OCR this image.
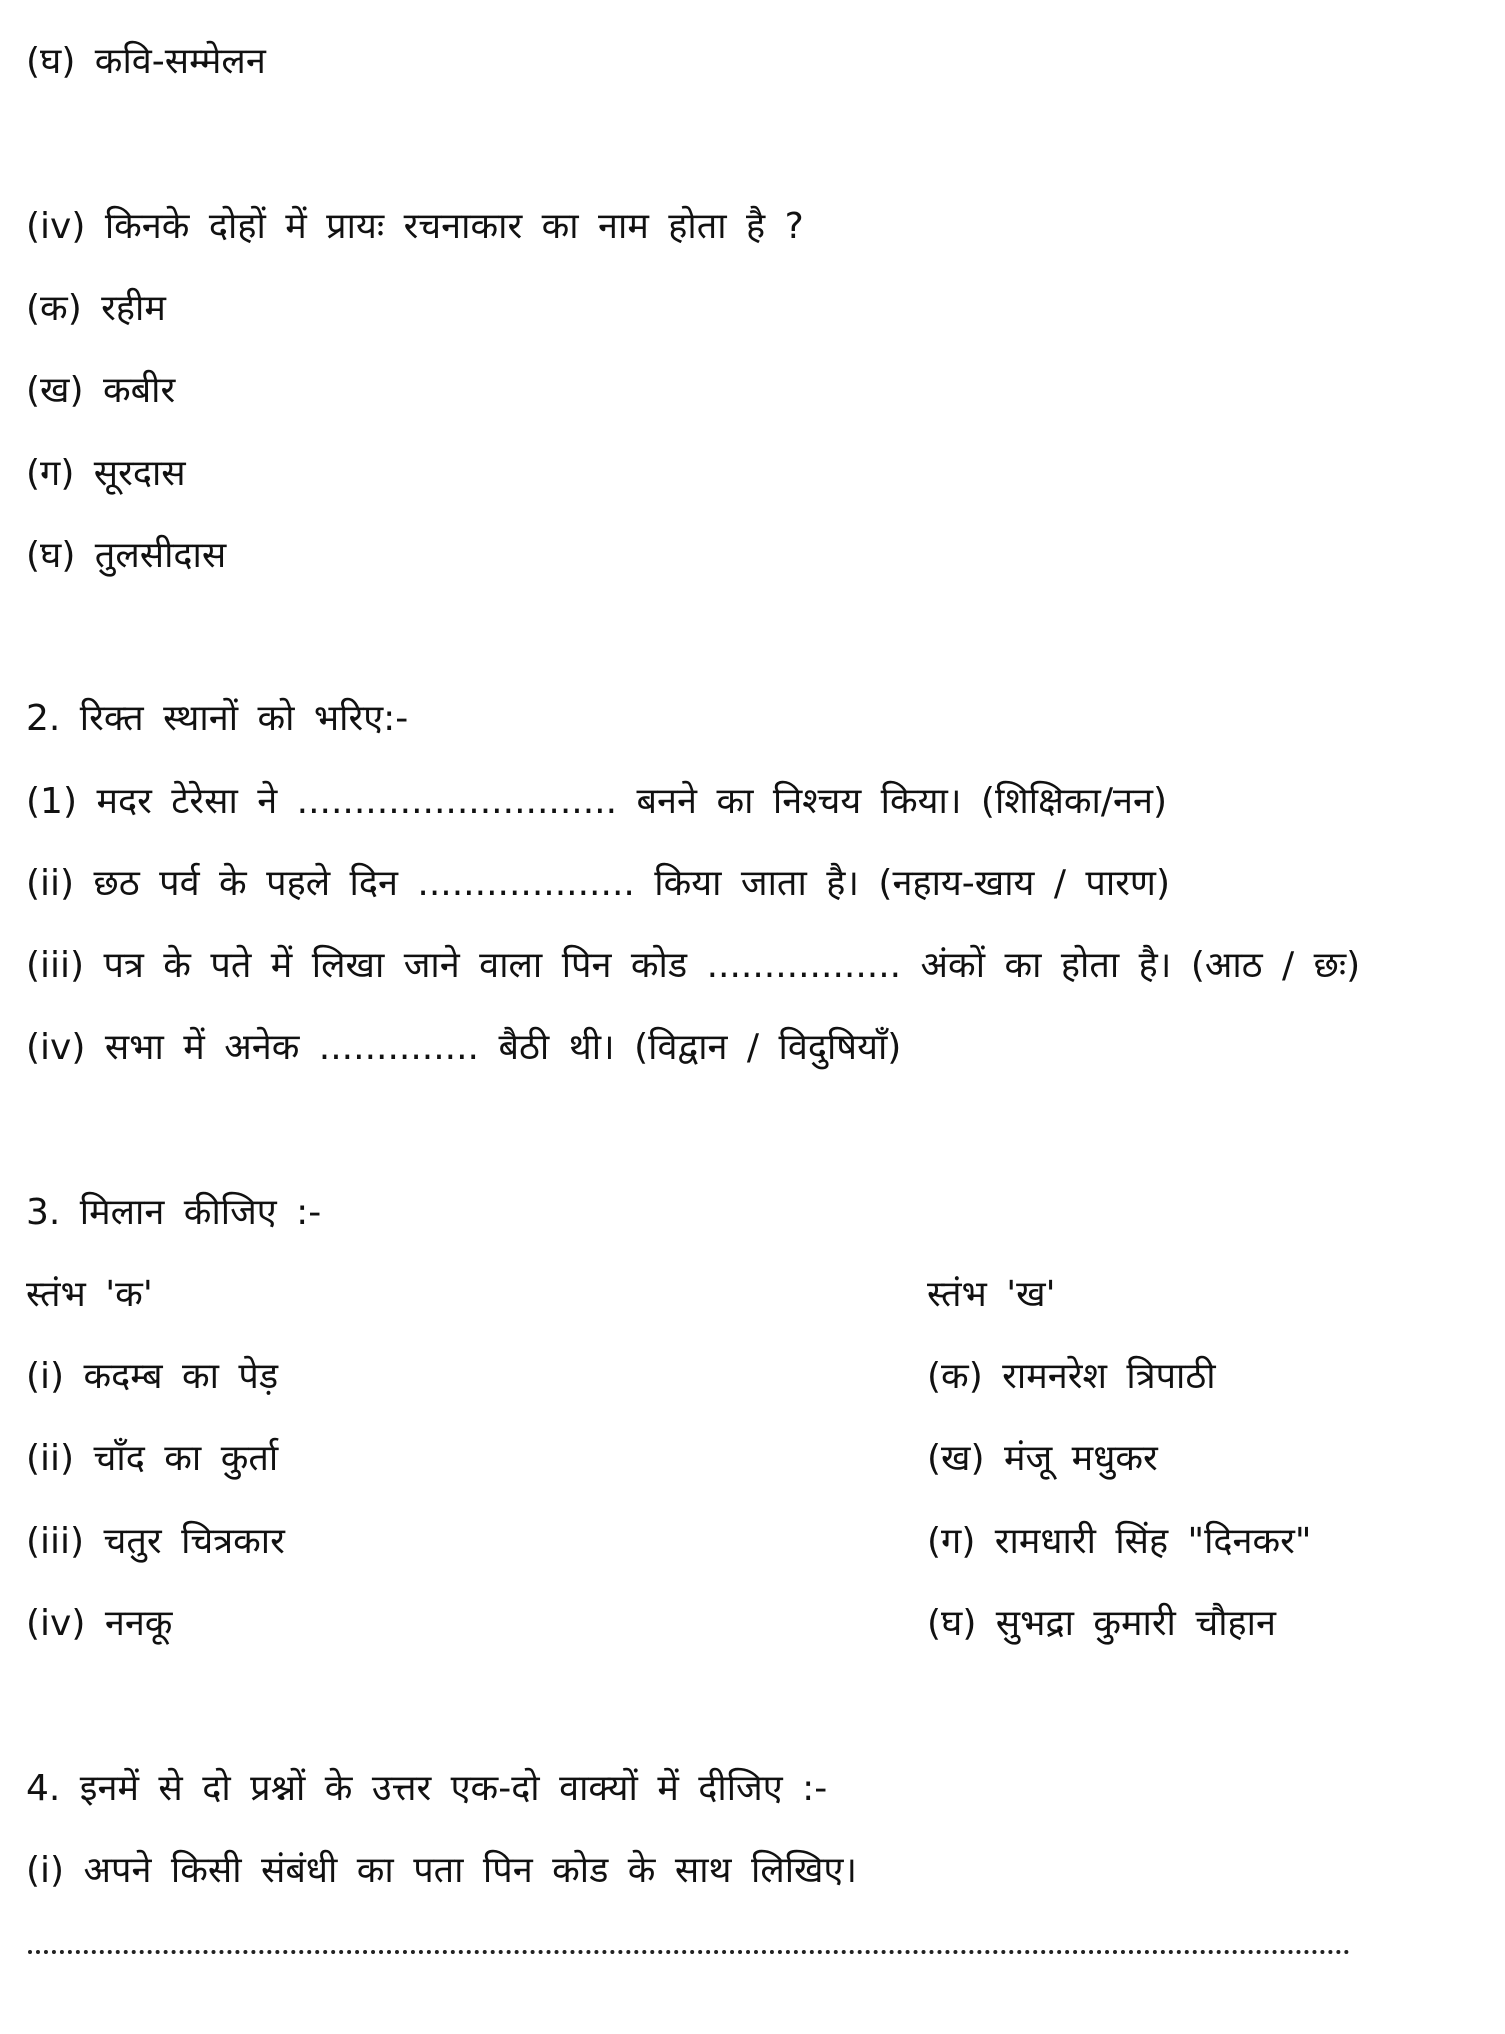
(घ) कवि-सम्मेलन
(iv) किनके दोहों में प्रायः रचनाकार का नाम होता है ?
(क) रहीम
(ख) कबीर
(ग) सूरदास
(घ) तुलसीदास
2. रिक्त स्थानों को भरिए:-
(1) मदर टेरेसा ने ............................ बनने का निश्चय किया। (शिक्षिका/नन)
(ii) छठ पर्व के पहले दिन ................... किया जाता है। (नहाय-खाय / पारण)
(iii) पत्र के पते में लिखा जाने वाला पिन कोड ................. अंकों का होता है। (आठ / छः)
(iv) सभा में अनेक .............. बैठी थी। (विद्वान / विदुषियाँ)
3. मिलान कीजिए :-
स्तंभ 'क'	स्तंभ 'ख'
(i) कदम्ब का पेड़	(क) रामनरेश त्रिपाठी
(ii) चाँद का कुर्ता	(ख) मंजू मधुकर
(iii) चतुर चित्रकार	(ग) रामधारी सिंह "दिनकर"
(iv) ननकू	(घ) सुभद्रा कुमारी चौहान
4. इनमें से दो प्रश्नों के उत्तर एक-दो वाक्यों में दीजिए :-
(i) अपने किसी संबंधी का पता पिन कोड के साथ लिखिए।
